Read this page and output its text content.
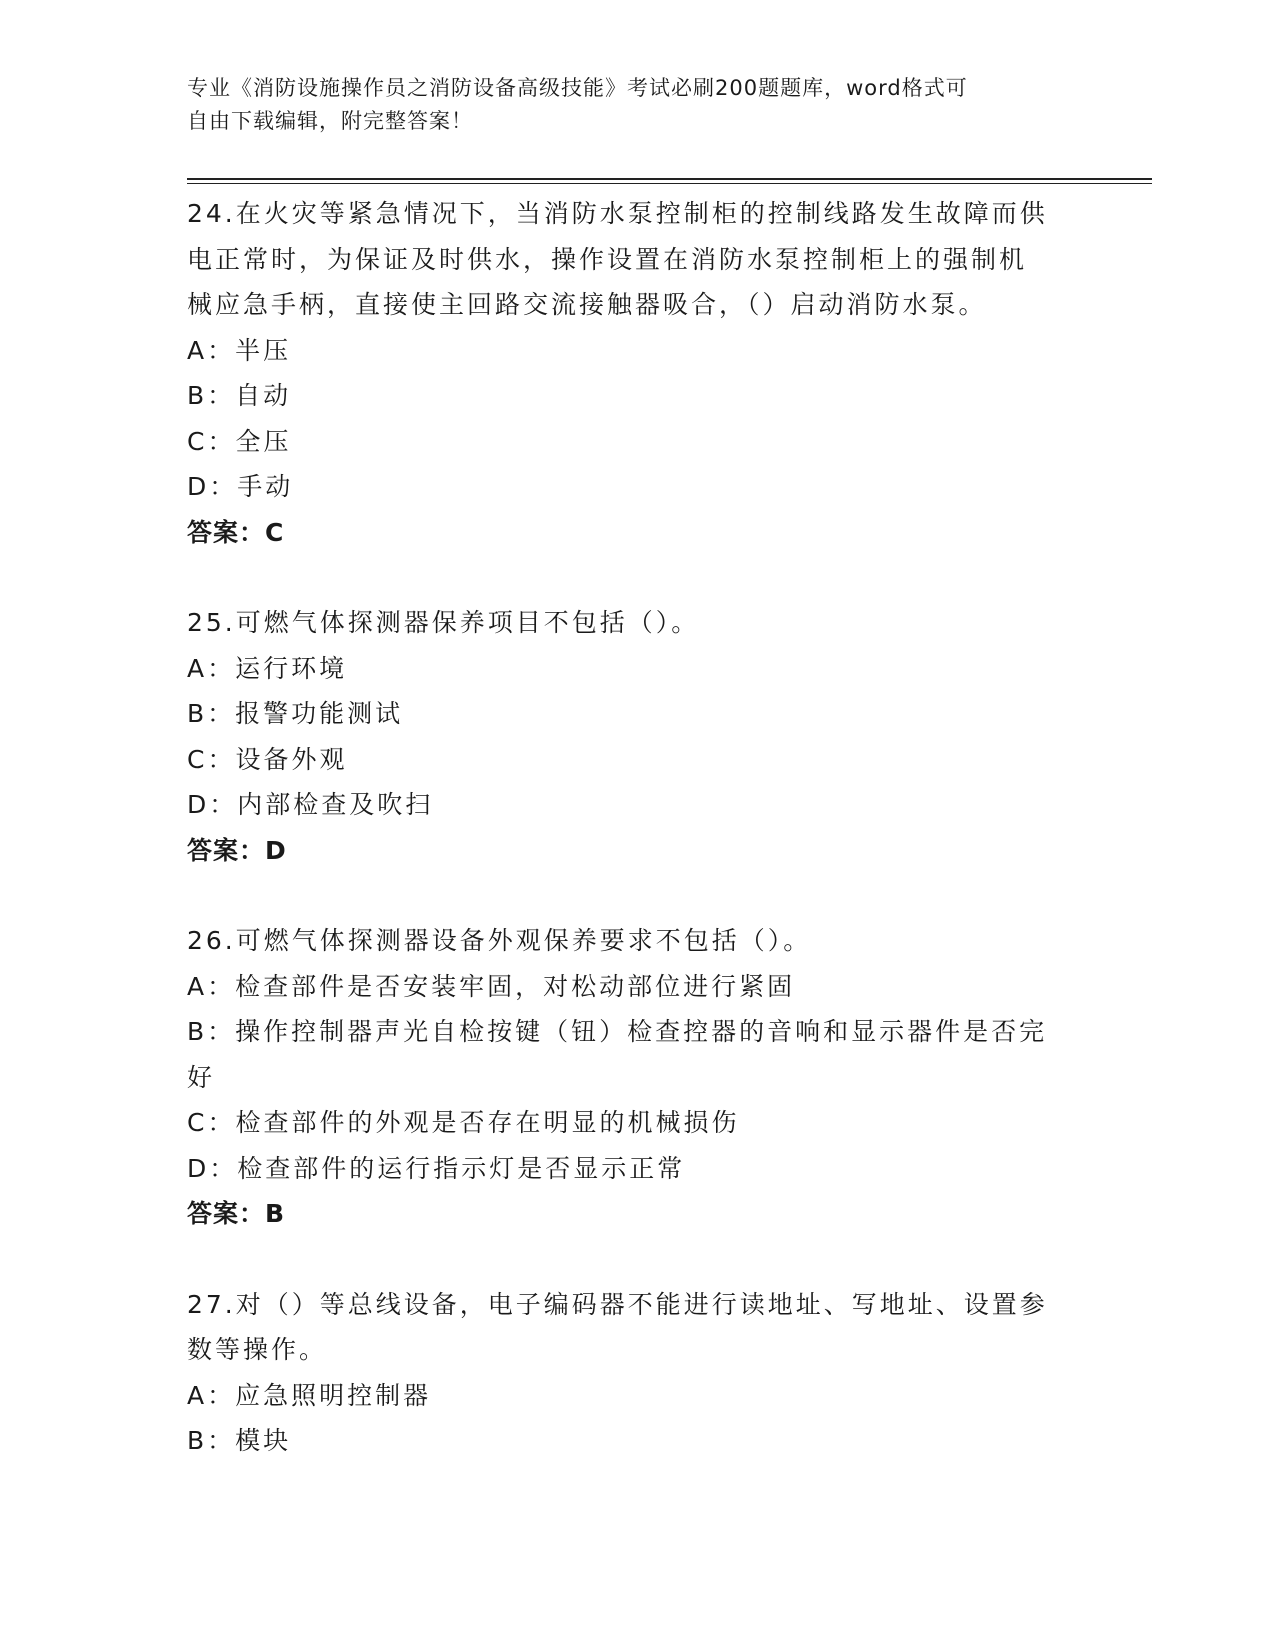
专业《消防设施操作员之消防设备高级技能》考试必刷200题题库，word格式可
自由下载编辑，附完整答案！
24.在火灾等紧急情况下，当消防水泵控制柜的控制线路发生故障而供
电正常时，为保证及时供水，操作设置在消防水泵控制柜上的强制机
械应急手柄，直接使主回路交流接触器吸合，（）启动消防水泵。
A：半压
B：自动
C：全压
D：手动
答案：C
25.可燃气体探测器保养项目不包括（）。
A：运行环境
B：报警功能测试
C：设备外观
D：内部检查及吹扫
答案：D
26.可燃气体探测器设备外观保养要求不包括（）。
A：检查部件是否安装牢固，对松动部位进行紧固
B：操作控制器声光自检按键（钮）检查控器的音响和显示器件是否完
好
C：检查部件的外观是否存在明显的机械损伤
D：检查部件的运行指示灯是否显示正常
答案：B
27.对（）等总线设备，电子编码器不能进行读地址、写地址、设置参
数等操作。
A：应急照明控制器
B：模块
